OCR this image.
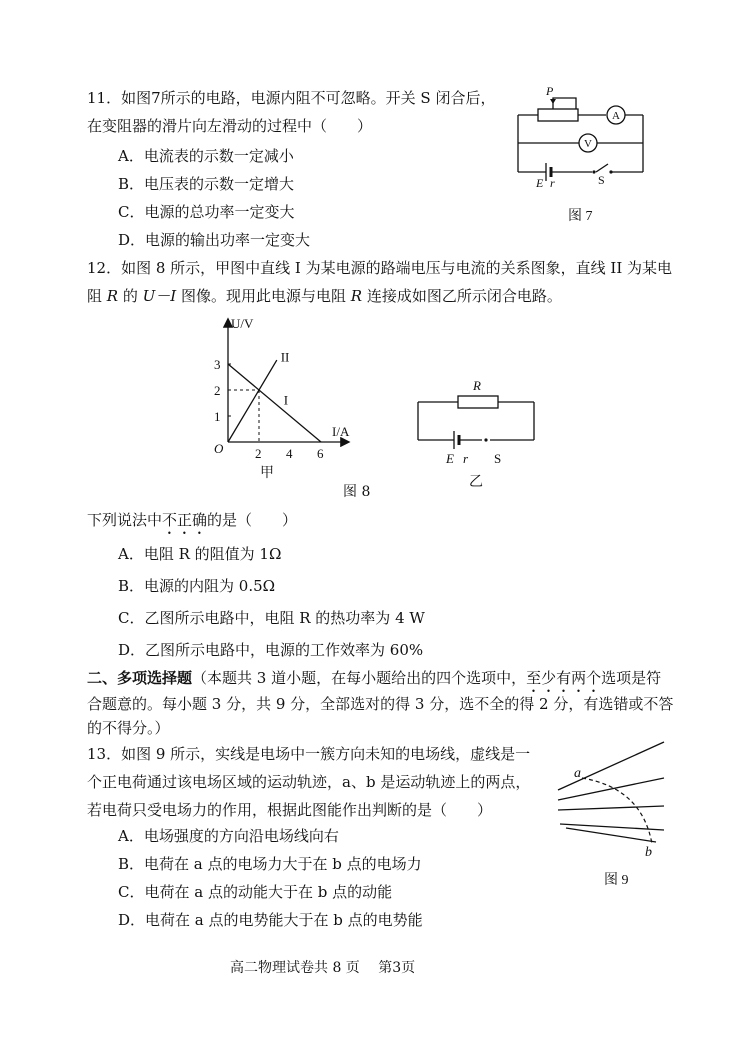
11．如图7所示的电路，电源内阻不可忽略。开关 S 闭合后，
在变阻器的滑片向左滑动的过程中（　　）
A．电流表的示数一定减小
B．电压表的示数一定增大
C．电源的总功率一定变大
D．电源的输出功率一定变大
P
A
V
E r	S
图 7
12．如图 8 所示，甲图中直线 I 为某电源的路端电压与电流的关系图象，直线 II 为某电
阻 R 的 U－I 图像。现用此电源与电阻 R 连接成如图乙所示闭合电路。
U/V
I/A
O 2 4 6
1
2
3
I
II
甲
R
E r S
乙
图 8
下列说法中不正确的是（　　）
A．电阻 R 的阻值为 1Ω
B．电源的内阻为 0.5Ω
C．乙图所示电路中，电阻 R 的热功率为 4 W
D．乙图所示电路中，电源的工作效率为 60%
二、多项选择题（本题共 3 道小题，在每小题给出的四个选项中，至少有两个选项是符
合题意的。每小题 3 分，共 9 分，全部选对的得 3 分，选不全的得 2 分，有选错或不答
的不得分。）
13．如图 9 所示，实线是电场中一簇方向未知的电场线，虚线是一
个正电荷通过该电场区域的运动轨迹，a、b 是运动轨迹上的两点，
若电荷只受电场力的作用，根据此图能作出判断的是（　　）
A．电场强度的方向沿电场线向右
B．电荷在 a 点的电场力大于在 b 点的电场力
C．电荷在 a 点的动能大于在 b 点的动能
D．电荷在 a 点的电势能大于在 b 点的电势能
a
b
图 9
高二物理试卷共 8 页　 第3页
